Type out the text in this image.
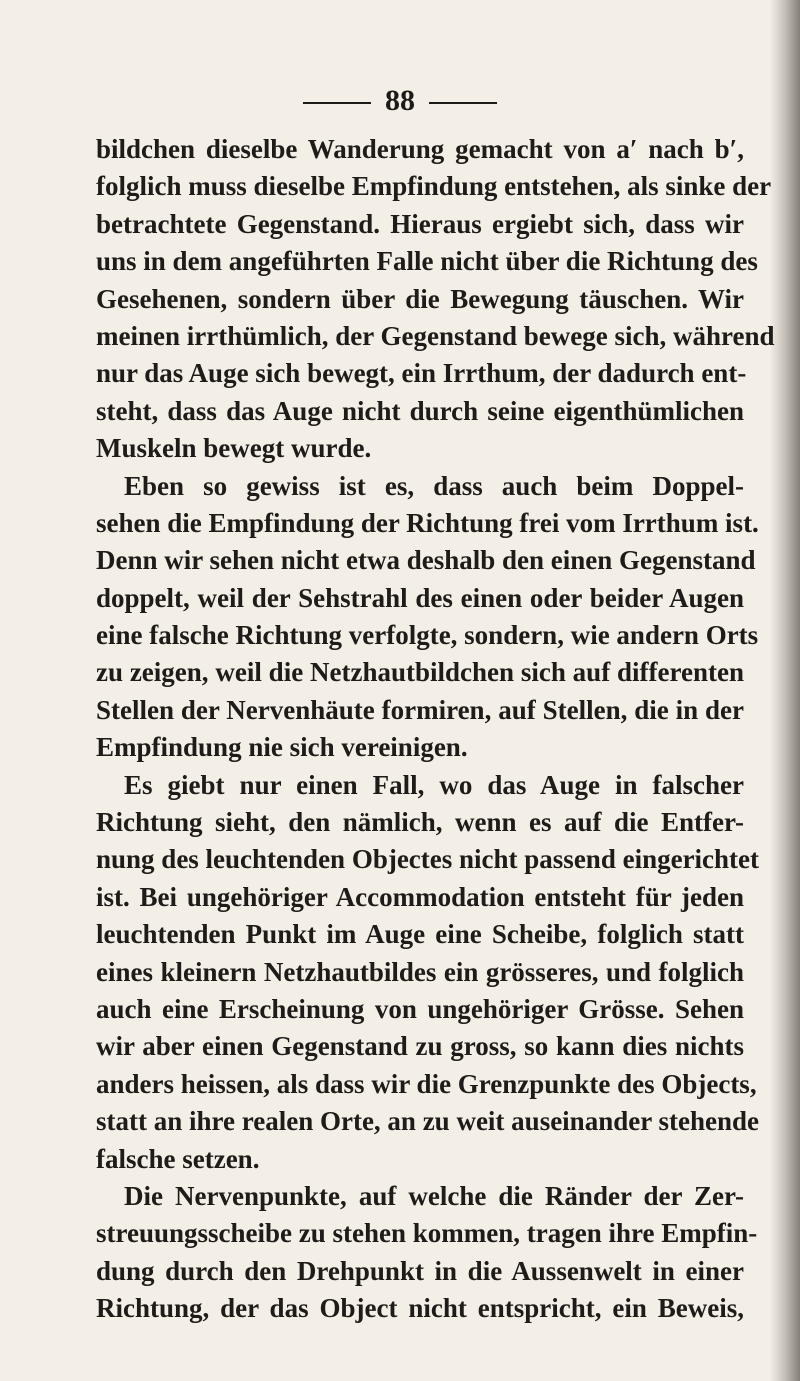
88
bildchen dieselbe Wanderung gemacht von a′ nach b′,
folglich muss dieselbe Empfindung entstehen, als sinke der
betrachtete Gegenstand. Hieraus ergiebt sich, dass wir
uns in dem angeführten Falle nicht über die Richtung des
Gesehenen, sondern über die Bewegung täuschen. Wir
meinen irrthümlich, der Gegenstand bewege sich, während
nur das Auge sich bewegt, ein Irrthum, der dadurch ent-
steht, dass das Auge nicht durch seine eigenthümlichen
Muskeln bewegt wurde.
Eben so gewiss ist es, dass auch beim Doppel-
sehen die Empfindung der Richtung frei vom Irrthum ist.
Denn wir sehen nicht etwa deshalb den einen Gegenstand
doppelt, weil der Sehstrahl des einen oder beider Augen
eine falsche Richtung verfolgte, sondern, wie andern Orts
zu zeigen, weil die Netzhautbildchen sich auf differenten
Stellen der Nervenhäute formiren, auf Stellen, die in der
Empfindung nie sich vereinigen.
Es giebt nur einen Fall, wo das Auge in falscher
Richtung sieht, den nämlich, wenn es auf die Entfer-
nung des leuchtenden Objectes nicht passend eingerichtet
ist. Bei ungehöriger Accommodation entsteht für jeden
leuchtenden Punkt im Auge eine Scheibe, folglich statt
eines kleinern Netzhautbildes ein grösseres, und folglich
auch eine Erscheinung von ungehöriger Grösse. Sehen
wir aber einen Gegenstand zu gross, so kann dies nichts
anders heissen, als dass wir die Grenzpunkte des Objects,
statt an ihre realen Orte, an zu weit auseinander stehende
falsche setzen.
Die Nervenpunkte, auf welche die Ränder der Zer-
streuungsscheibe zu stehen kommen, tragen ihre Empfin-
dung durch den Drehpunkt in die Aussenwelt in einer
Richtung, der das Object nicht entspricht, ein Beweis,
